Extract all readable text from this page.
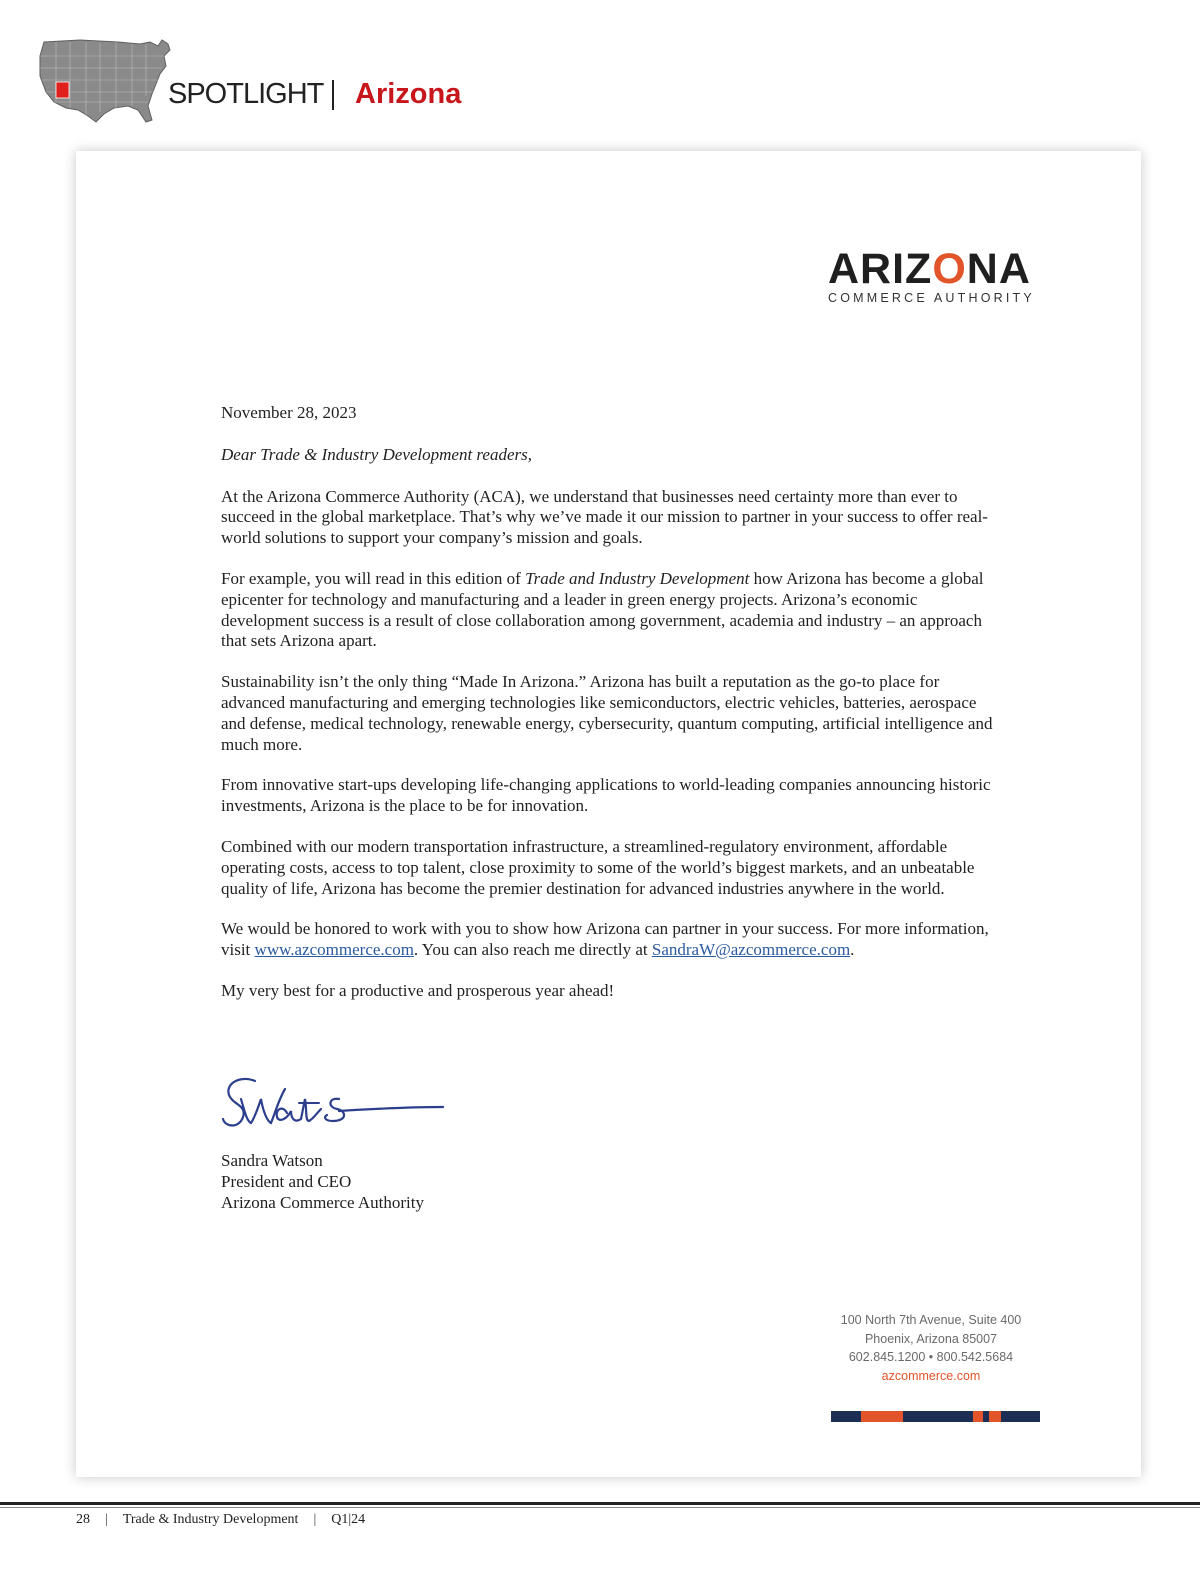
SPOTLIGHT Arizona
ARIZONA
COMMERCE AUTHORITY

November 28, 2023

Dear Trade & Industry Development readers,

At the Arizona Commerce Authority (ACA), we understand that businesses need certainty more than ever to succeed in the global marketplace. That’s why we’ve made it our mission to partner in your success to offer real-world solutions to support your company’s mission and goals.

For example, you will read in this edition of Trade and Industry Development how Arizona has become a global epicenter for technology and manufacturing and a leader in green energy projects. Arizona’s economic development success is a result of close collaboration among government, academia and industry – an approach that sets Arizona apart.

Sustainability isn’t the only thing “Made In Arizona.” Arizona has built a reputation as the go-to place for advanced manufacturing and emerging technologies like semiconductors, electric vehicles, batteries, aerospace and defense, medical technology, renewable energy, cybersecurity, quantum computing, artificial intelligence and much more.

From innovative start-ups developing life-changing applications to world-leading companies announcing historic investments, Arizona is the place to be for innovation.

Combined with our modern transportation infrastructure, a streamlined-regulatory environment, affordable operating costs, access to top talent, close proximity to some of the world’s biggest markets, and an unbeatable quality of life, Arizona has become the premier destination for advanced industries anywhere in the world.

We would be honored to work with you to show how Arizona can partner in your success. For more information, visit www.azcommerce.com. You can also reach me directly at SandraW@azcommerce.com.

My very best for a productive and prosperous year ahead!

Sandra Watson
President and CEO
Arizona Commerce Authority
100 North 7th Avenue, Suite 400
Phoenix, Arizona 85007
602.845.1200 • 800.542.5684
azcommerce.com
28 | Trade & Industry Development | Q1|24
